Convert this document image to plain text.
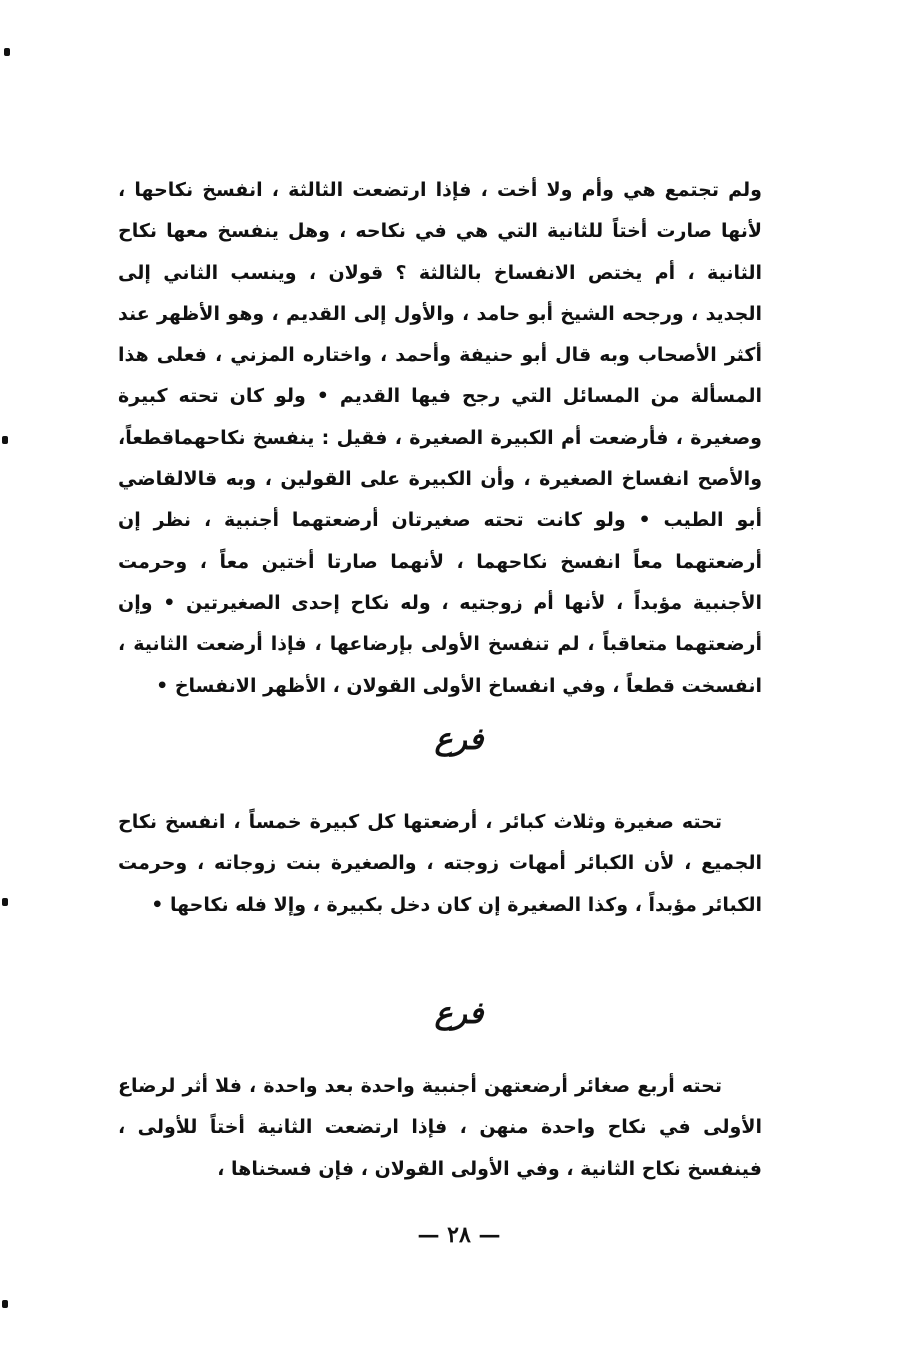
ولم تجتمع هي وأم ولا أخت ، فإذا ارتضعت الثالثة ، انفسخ نكاحها ، لأنها صارت أختاً للثانية التي هي في نكاحه ، وهل ينفسخ معها نكاح الثانية ، أم يختص الانفساخ بالثالثة ؟ قولان ، وينسب الثاني إلى الجديد ، ورجحه الشيخ أبو حامد ، والأول إلى القديم ، وهو الأظهر عند أكثر الأصحاب وبه قال أبو حنيفة وأحمد ، واختاره المزني ، فعلى هذا المسألة من المسائل التي رجح فيها القديم • ولو كان تحته كبيرة وصغيرة ، فأرضعت أم الكبيرة الصغيرة ، فقيل : ينفسخ نكاحهماقطعاً، والأصح انفساخ الصغيرة ، وأن الكبيرة على القولين ، وبه قالالقاضي أبو الطيب • ولو كانت تحته صغيرتان أرضعتهما أجنبية ، نظر إن أرضعتهما معاً انفسخ نكاحهما ، لأنهما صارتا أختين معاً ، وحرمت الأجنبية مؤبداً ، لأنها أم زوجتيه ، وله نكاح إحدى الصغيرتين • وإن أرضعتهما متعاقباً ، لم تنفسخ الأولى بإرضاعها ، فإذا أرضعت الثانية ، انفسخت قطعاً ، وفي انفساخ الأولى القولان ، الأظهر الانفساخ •

فرع

تحته صغيرة وثلاث كبائر ، أرضعتها كل كبيرة خمساً ، انفسخ نكاح الجميع ، لأن الكبائر أمهات زوجته ، والصغيرة بنت زوجاته ، وحرمت الكبائر مؤبداً ، وكذا الصغيرة إن كان دخل بكبيرة ، وإلا فله نكاحها •

فرع

تحته أربع صغائر أرضعتهن أجنبية واحدة بعد واحدة ، فلا أثر لرضاع الأولى في نكاح واحدة منهن ، فإذا ارتضعت الثانية أختاً للأولى ، فينفسخ نكاح الثانية ، وفي الأولى القولان ، فإن فسخناها ،

— ٢٨ —
